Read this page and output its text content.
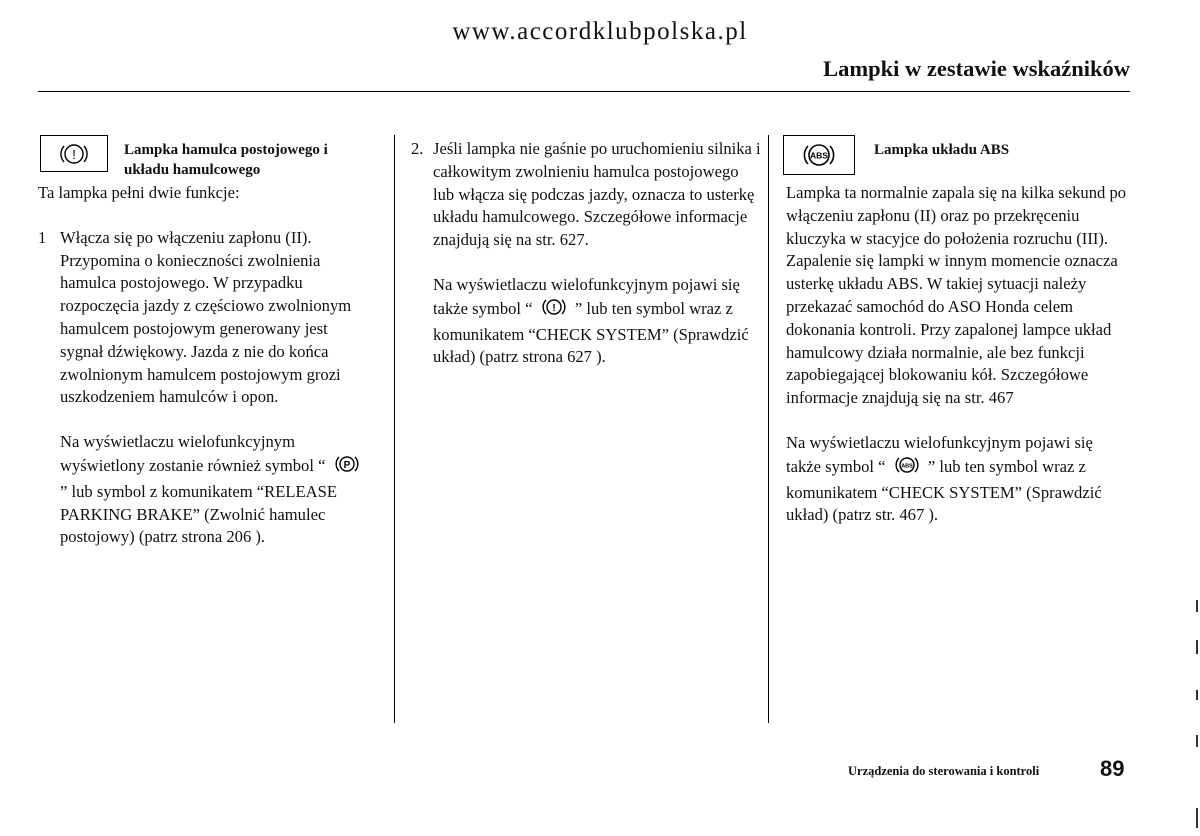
www.accordklubpolska.pl
Lampki w zestawie wskaźników
!	Lampka hamulca postojowego i układu hamulcowego

Ta lampka pełni dwie funkcje:

1 Włącza się po włączeniu zapłonu (II). Przypomina o konieczności zwolnienia hamulca postojowego. W przypadku rozpoczęcia jazdy z częściowo zwolnionym hamulcem postojowym generowany jest sygnał dźwiękowy. Jazda z nie do końca zwolnionym hamulcem postojowym grozi uszkodzeniem hamulców i opon.

Na wyświetlaczu wielofunkcyjnym wyświetlony zostanie również symbol “ P
” lub symbol z komunikatem “RELEASE PARKING BRAKE” (Zwolnić hamulec postojowy) (patrz strona 206 ).
2. Jeśli lampka nie gaśnie po uruchomieniu silnika i całkowitym zwolnieniu hamulca postojowego lub włącza się podczas jazdy, oznacza to usterkę układu hamulcowego. Szczegółowe informacje znajdują się na str. 627.

Na wyświetlaczu wielofunkcyjnym pojawi się także symbol “ ! ” lub ten symbol wraz z komunikatem “CHECK SYSTEM” (Sprawdzić układ) (patrz strona 627 ).
ABS	Lampka układu ABS

Lampka ta normalnie zapala się na kilka sekund po włączeniu zapłonu (II) oraz po przekręceniu kluczyka w stacyjce do położenia rozruchu (III). Zapalenie się lampki w innym momencie oznacza usterkę układu ABS. W takiej sytuacji należy przekazać samochód do ASO Honda celem dokonania kontroli. Przy zapalonej lampce układ hamulcowy działa normalnie, ale bez funkcji zapobiegającej blokowaniu kół. Szczegółowe informacje znajdują się na str. 467

Na wyświetlaczu wielofunkcyjnym pojawi się także symbol “	ABS ” lub ten symbol wraz z komunikatem “CHECK SYSTEM” (Sprawdzić układ) (patrz str. 467 ).
Urządzenia do sterowania i kontroli	89
